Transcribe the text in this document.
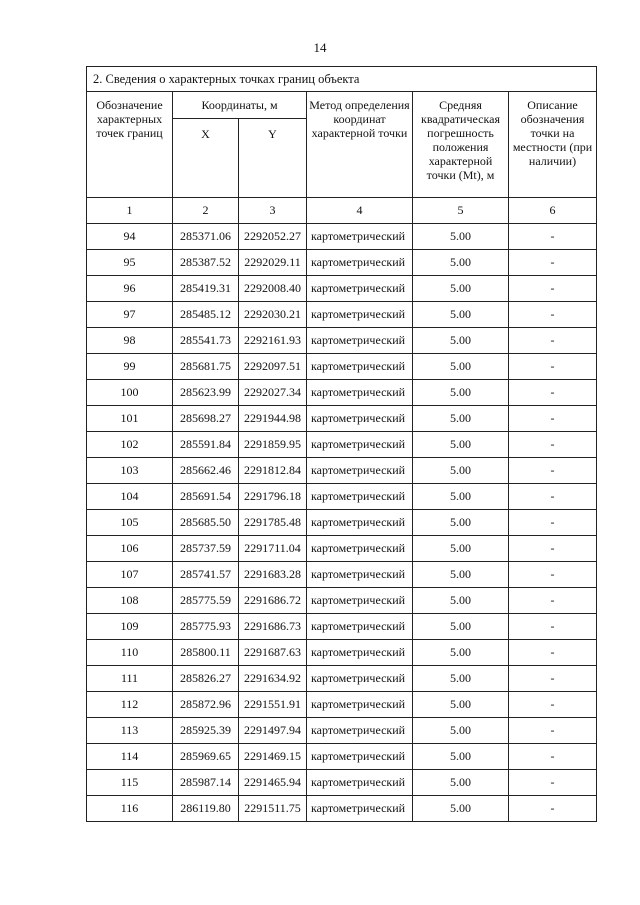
14
2. Сведения о характерных точках границ объекта					
Обозначение характерных точек границ	Координаты, м		Метод определения координат характерной точки	Средняя квадратическая погрешность положения характерной точки (Mt), м	Описание обозначения точки на местности (при наличии)
	X	Y			
1	2	3	4	5	6
94	285371.06	2292052.27	картометрический	5.00	-
95	285387.52	2292029.11	картометрический	5.00	-
96	285419.31	2292008.40	картометрический	5.00	-
97	285485.12	2292030.21	картометрический	5.00	-
98	285541.73	2292161.93	картометрический	5.00	-
99	285681.75	2292097.51	картометрический	5.00	-
100	285623.99	2292027.34	картометрический	5.00	-
101	285698.27	2291944.98	картометрический	5.00	-
102	285591.84	2291859.95	картометрический	5.00	-
103	285662.46	2291812.84	картометрический	5.00	-
104	285691.54	2291796.18	картометрический	5.00	-
105	285685.50	2291785.48	картометрический	5.00	-
106	285737.59	2291711.04	картометрический	5.00	-
107	285741.57	2291683.28	картометрический	5.00	-
108	285775.59	2291686.72	картометрический	5.00	-
109	285775.93	2291686.73	картометрический	5.00	-
110	285800.11	2291687.63	картометрический	5.00	-
111	285826.27	2291634.92	картометрический	5.00	-
112	285872.96	2291551.91	картометрический	5.00	-
113	285925.39	2291497.94	картометрический	5.00	-
114	285969.65	2291469.15	картометрический	5.00	-
115	285987.14	2291465.94	картометрический	5.00	-
116	286119.80	2291511.75	картометрический	5.00	-
